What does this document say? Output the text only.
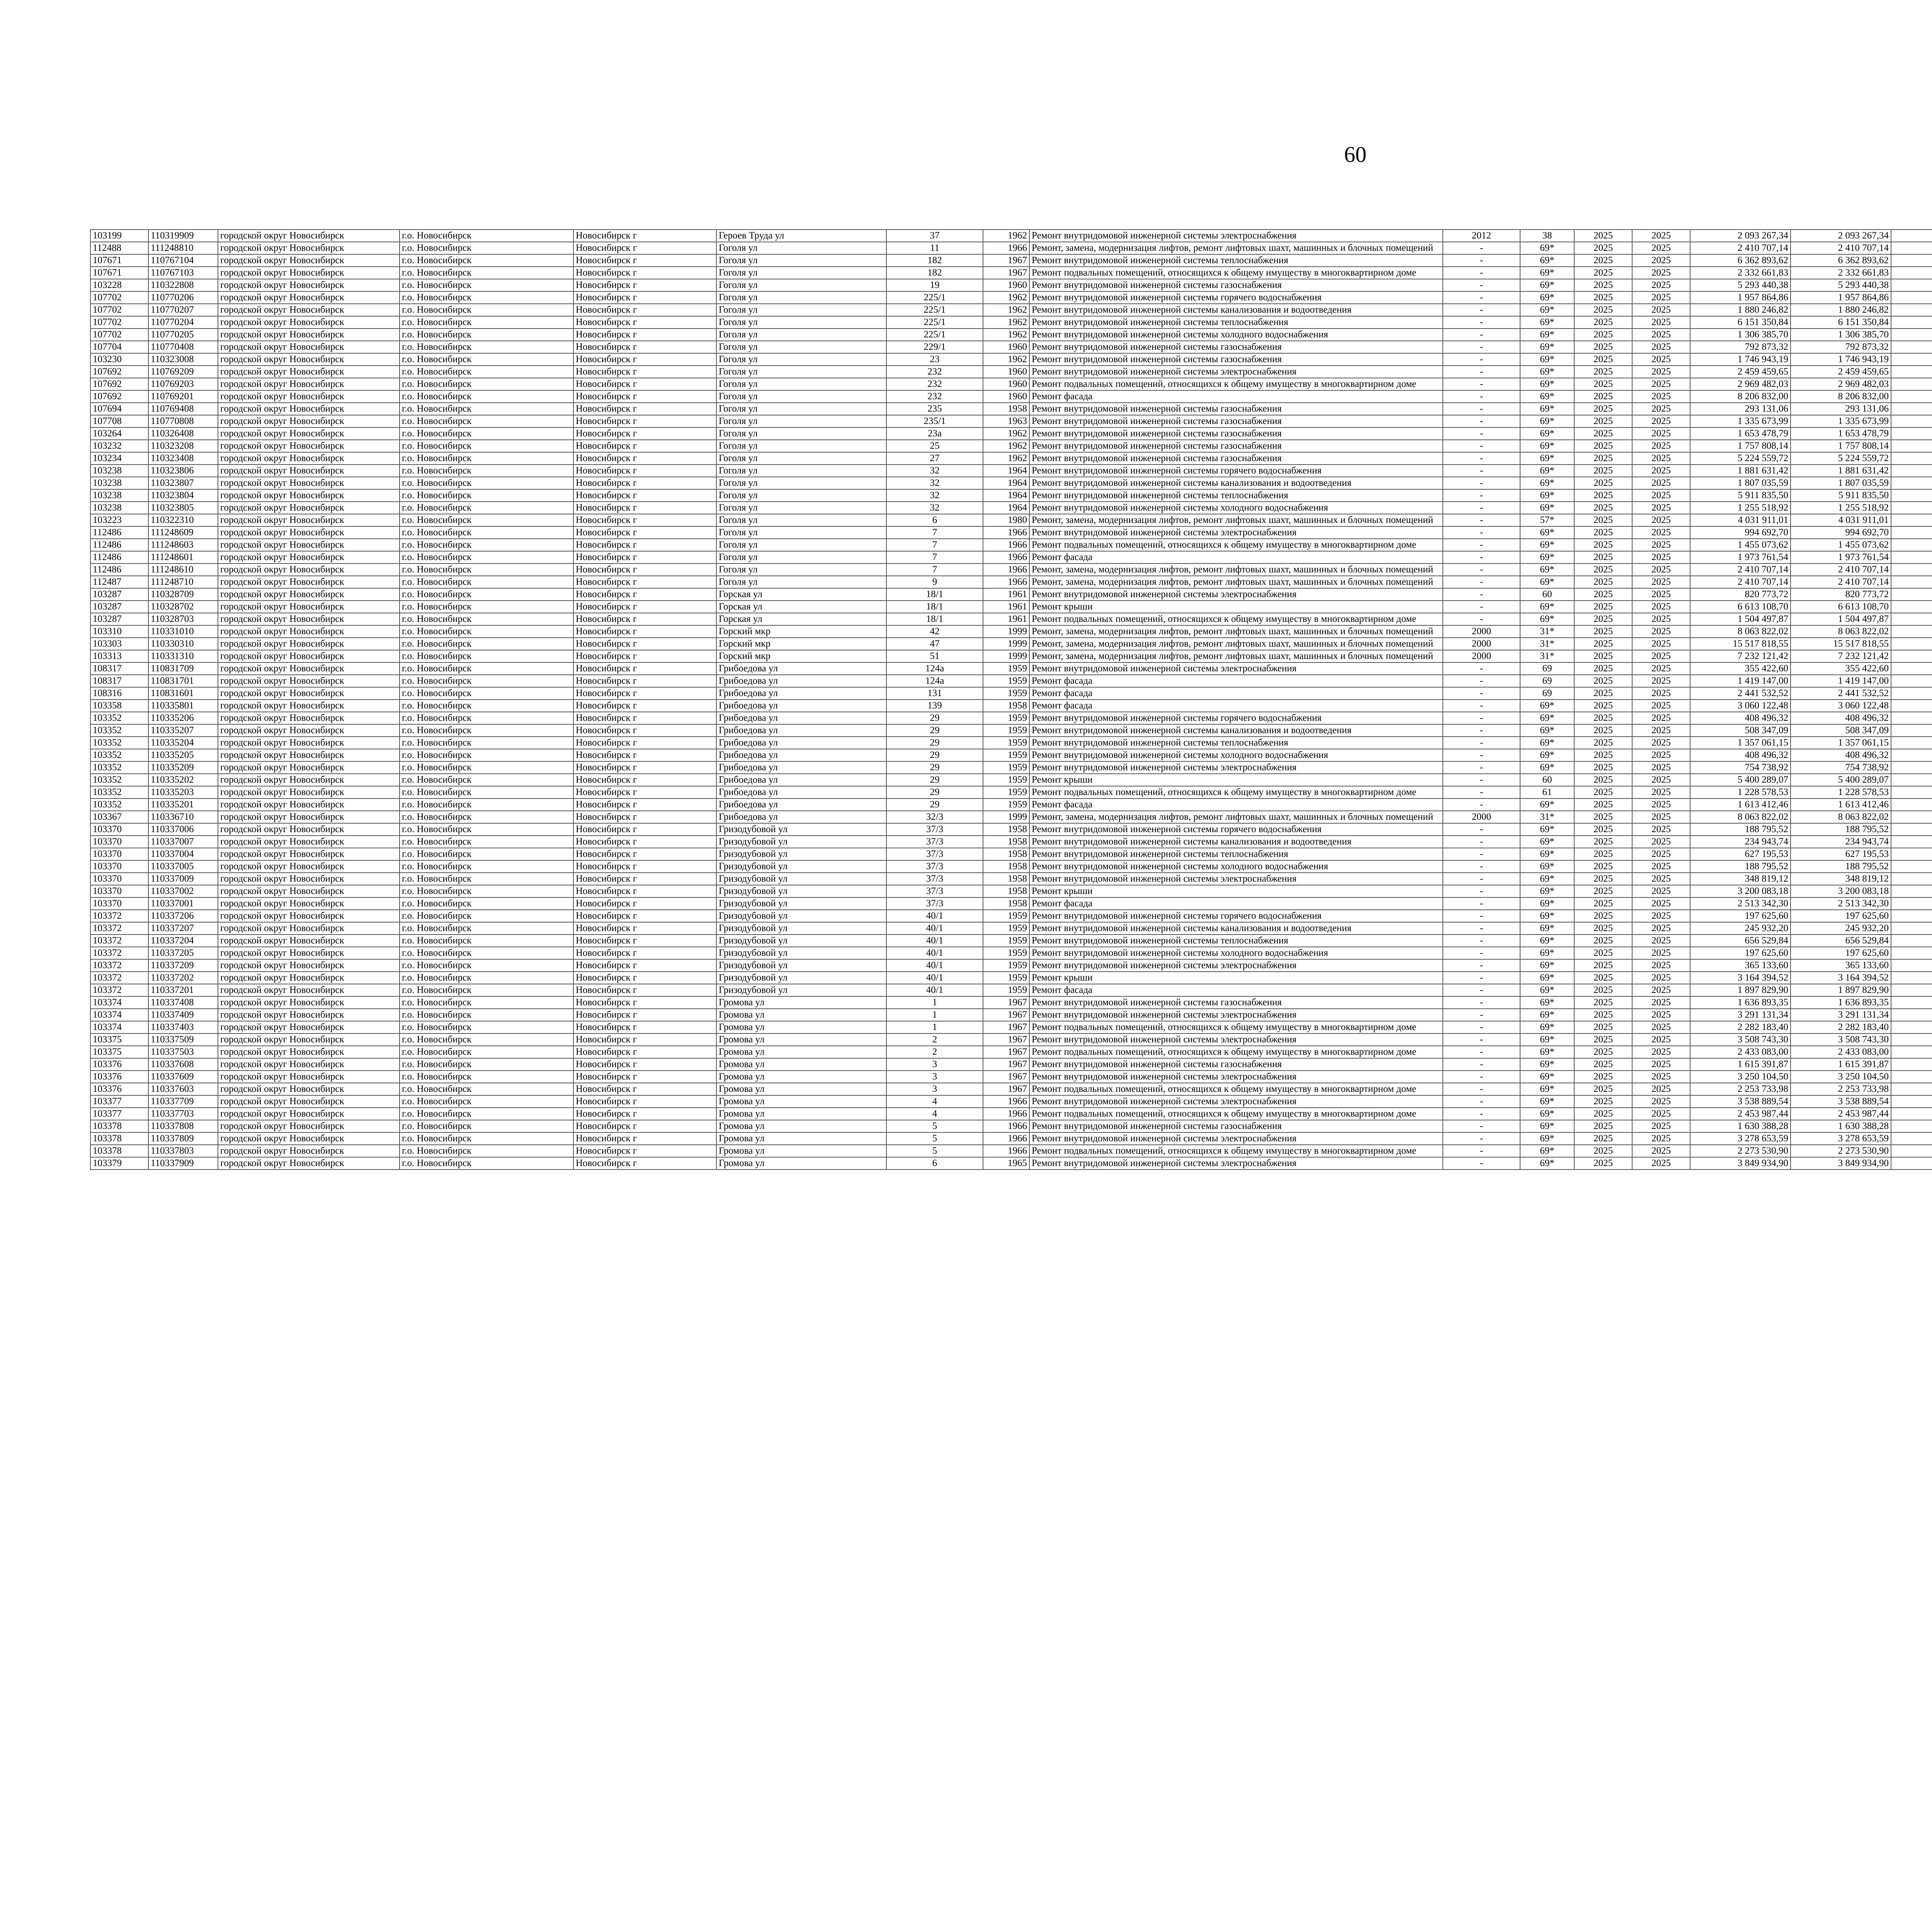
60
103199	110319909	городской округ Новосибирск	г.о. Новосибирск	Новосибирск г	Героев Труда ул	37	1962	Ремонт внутридомовой инженерной системы электроснабжения	2012	38	2025	2025	2 093 267,34	2 093 267,34							
112488	111248810	городской округ Новосибирск	г.о. Новосибирск	Новосибирск г	Гоголя ул	11	1966	Ремонт, замена, модернизация лифтов, ремонт лифтовых шахт, машинных и блочных помещений	-	69*	2025	2025	2 410 707,14	2 410 707,14							
107671	110767104	городской округ Новосибирск	г.о. Новосибирск	Новосибирск г	Гоголя ул	182	1967	Ремонт внутридомовой инженерной системы теплоснабжения	-	69*	2025	2025	6 362 893,62	6 362 893,62							
107671	110767103	городской округ Новосибирск	г.о. Новосибирск	Новосибирск г	Гоголя ул	182	1967	Ремонт подвальных помещений, относящихся к общему имуществу в многоквартирном доме	-	69*	2025	2025	2 332 661,83	2 332 661,83							
103228	110322808	городской округ Новосибирск	г.о. Новосибирск	Новосибирск г	Гоголя ул	19	1960	Ремонт внутридомовой инженерной системы газоснабжения	-	69*	2025	2025	5 293 440,38	5 293 440,38							
107702	110770206	городской округ Новосибирск	г.о. Новосибирск	Новосибирск г	Гоголя ул	225/1	1962	Ремонт внутридомовой инженерной системы горячего водоснабжения	-	69*	2025	2025	1 957 864,86	1 957 864,86							
107702	110770207	городской округ Новосибирск	г.о. Новосибирск	Новосибирск г	Гоголя ул	225/1	1962	Ремонт внутридомовой инженерной системы канализования и водоотведения	-	69*	2025	2025	1 880 246,82	1 880 246,82							
107702	110770204	городской округ Новосибирск	г.о. Новосибирск	Новосибирск г	Гоголя ул	225/1	1962	Ремонт внутридомовой инженерной системы теплоснабжения	-	69*	2025	2025	6 151 350,84	6 151 350,84							
107702	110770205	городской округ Новосибирск	г.о. Новосибирск	Новосибирск г	Гоголя ул	225/1	1962	Ремонт внутридомовой инженерной системы холодного водоснабжения	-	69*	2025	2025	1 306 385,70	1 306 385,70							
107704	110770408	городской округ Новосибирск	г.о. Новосибирск	Новосибирск г	Гоголя ул	229/1	1960	Ремонт внутридомовой инженерной системы газоснабжения	-	69*	2025	2025	792 873,32	792 873,32							
103230	110323008	городской округ Новосибирск	г.о. Новосибирск	Новосибирск г	Гоголя ул	23	1962	Ремонт внутридомовой инженерной системы газоснабжения	-	69*	2025	2025	1 746 943,19	1 746 943,19							
107692	110769209	городской округ Новосибирск	г.о. Новосибирск	Новосибирск г	Гоголя ул	232	1960	Ремонт внутридомовой инженерной системы электроснабжения	-	69*	2025	2025	2 459 459,65	2 459 459,65							
107692	110769203	городской округ Новосибирск	г.о. Новосибирск	Новосибирск г	Гоголя ул	232	1960	Ремонт подвальных помещений, относящихся к общему имуществу в многоквартирном доме	-	69*	2025	2025	2 969 482,03	2 969 482,03							
107692	110769201	городской округ Новосибирск	г.о. Новосибирск	Новосибирск г	Гоголя ул	232	1960	Ремонт фасада	-	69*	2025	2025	8 206 832,00	8 206 832,00							
107694	110769408	городской округ Новосибирск	г.о. Новосибирск	Новосибирск г	Гоголя ул	235	1958	Ремонт внутридомовой инженерной системы газоснабжения	-	69*	2025	2025	293 131,06	293 131,06							
107708	110770808	городской округ Новосибирск	г.о. Новосибирск	Новосибирск г	Гоголя ул	235/1	1963	Ремонт внутридомовой инженерной системы газоснабжения	-	69*	2025	2025	1 335 673,99	1 335 673,99							
103264	110326408	городской округ Новосибирск	г.о. Новосибирск	Новосибирск г	Гоголя ул	23а	1962	Ремонт внутридомовой инженерной системы газоснабжения	-	69*	2025	2025	1 653 478,79	1 653 478,79							
103232	110323208	городской округ Новосибирск	г.о. Новосибирск	Новосибирск г	Гоголя ул	25	1962	Ремонт внутридомовой инженерной системы газоснабжения	-	69*	2025	2025	1 757 808,14	1 757 808,14							
103234	110323408	городской округ Новосибирск	г.о. Новосибирск	Новосибирск г	Гоголя ул	27	1962	Ремонт внутридомовой инженерной системы газоснабжения	-	69*	2025	2025	5 224 559,72	5 224 559,72							
103238	110323806	городской округ Новосибирск	г.о. Новосибирск	Новосибирск г	Гоголя ул	32	1964	Ремонт внутридомовой инженерной системы горячего водоснабжения	-	69*	2025	2025	1 881 631,42	1 881 631,42							
103238	110323807	городской округ Новосибирск	г.о. Новосибирск	Новосибирск г	Гоголя ул	32	1964	Ремонт внутридомовой инженерной системы канализования и водоотведения	-	69*	2025	2025	1 807 035,59	1 807 035,59							
103238	110323804	городской округ Новосибирск	г.о. Новосибирск	Новосибирск г	Гоголя ул	32	1964	Ремонт внутридомовой инженерной системы теплоснабжения	-	69*	2025	2025	5 911 835,50	5 911 835,50							
103238	110323805	городской округ Новосибирск	г.о. Новосибирск	Новосибирск г	Гоголя ул	32	1964	Ремонт внутридомовой инженерной системы холодного водоснабжения	-	69*	2025	2025	1 255 518,92	1 255 518,92							
103223	110322310	городской округ Новосибирск	г.о. Новосибирск	Новосибирск г	Гоголя ул	6	1980	Ремонт, замена, модернизация лифтов, ремонт лифтовых шахт, машинных и блочных помещений	-	57*	2025	2025	4 031 911,01	4 031 911,01							
112486	111248609	городской округ Новосибирск	г.о. Новосибирск	Новосибирск г	Гоголя ул	7	1966	Ремонт внутридомовой инженерной системы электроснабжения	-	69*	2025	2025	994 692,70	994 692,70							
112486	111248603	городской округ Новосибирск	г.о. Новосибирск	Новосибирск г	Гоголя ул	7	1966	Ремонт подвальных помещений, относящихся к общему имуществу в многоквартирном доме	-	69*	2025	2025	1 455 073,62	1 455 073,62							
112486	111248601	городской округ Новосибирск	г.о. Новосибирск	Новосибирск г	Гоголя ул	7	1966	Ремонт фасада	-	69*	2025	2025	1 973 761,54	1 973 761,54							
112486	111248610	городской округ Новосибирск	г.о. Новосибирск	Новосибирск г	Гоголя ул	7	1966	Ремонт, замена, модернизация лифтов, ремонт лифтовых шахт, машинных и блочных помещений	-	69*	2025	2025	2 410 707,14	2 410 707,14							
112487	111248710	городской округ Новосибирск	г.о. Новосибирск	Новосибирск г	Гоголя ул	9	1966	Ремонт, замена, модернизация лифтов, ремонт лифтовых шахт, машинных и блочных помещений	-	69*	2025	2025	2 410 707,14	2 410 707,14							
103287	110328709	городской округ Новосибирск	г.о. Новосибирск	Новосибирск г	Горская ул	18/1	1961	Ремонт внутридомовой инженерной системы электроснабжения	-	60	2025	2025	820 773,72	820 773,72							
103287	110328702	городской округ Новосибирск	г.о. Новосибирск	Новосибирск г	Горская ул	18/1	1961	Ремонт крыши	-	69*	2025	2025	6 613 108,70	6 613 108,70							
103287	110328703	городской округ Новосибирск	г.о. Новосибирск	Новосибирск г	Горская ул	18/1	1961	Ремонт подвальных помещений, относящихся к общему имуществу в многоквартирном доме	-	69*	2025	2025	1 504 497,87	1 504 497,87							
103310	110331010	городской округ Новосибирск	г.о. Новосибирск	Новосибирск г	Горский мкр	42	1999	Ремонт, замена, модернизация лифтов, ремонт лифтовых шахт, машинных и блочных помещений	2000	31*	2025	2025	8 063 822,02	8 063 822,02							
103303	110330310	городской округ Новосибирск	г.о. Новосибирск	Новосибирск г	Горский мкр	47	1999	Ремонт, замена, модернизация лифтов, ремонт лифтовых шахт, машинных и блочных помещений	2000	31*	2025	2025	15 517 818,55	15 517 818,55							
103313	110331310	городской округ Новосибирск	г.о. Новосибирск	Новосибирск г	Горский мкр	51	1999	Ремонт, замена, модернизация лифтов, ремонт лифтовых шахт, машинных и блочных помещений	2000	31*	2025	2025	7 232 121,42	7 232 121,42							
108317	110831709	городской округ Новосибирск	г.о. Новосибирск	Новосибирск г	Грибоедова ул	124а	1959	Ремонт внутридомовой инженерной системы электроснабжения	-	69	2025	2025	355 422,60	355 422,60							
108317	110831701	городской округ Новосибирск	г.о. Новосибирск	Новосибирск г	Грибоедова ул	124а	1959	Ремонт фасада	-	69	2025	2025	1 419 147,00	1 419 147,00							
108316	110831601	городской округ Новосибирск	г.о. Новосибирск	Новосибирск г	Грибоедова ул	131	1959	Ремонт фасада	-	69	2025	2025	2 441 532,52	2 441 532,52							
103358	110335801	городской округ Новосибирск	г.о. Новосибирск	Новосибирск г	Грибоедова ул	139	1958	Ремонт фасада	-	69*	2025	2025	3 060 122,48	3 060 122,48							
103352	110335206	городской округ Новосибирск	г.о. Новосибирск	Новосибирск г	Грибоедова ул	29	1959	Ремонт внутридомовой инженерной системы горячего водоснабжения	-	69*	2025	2025	408 496,32	408 496,32							
103352	110335207	городской округ Новосибирск	г.о. Новосибирск	Новосибирск г	Грибоедова ул	29	1959	Ремонт внутридомовой инженерной системы канализования и водоотведения	-	69*	2025	2025	508 347,09	508 347,09							
103352	110335204	городской округ Новосибирск	г.о. Новосибирск	Новосибирск г	Грибоедова ул	29	1959	Ремонт внутридомовой инженерной системы теплоснабжения	-	69*	2025	2025	1 357 061,15	1 357 061,15							
103352	110335205	городской округ Новосибирск	г.о. Новосибирск	Новосибирск г	Грибоедова ул	29	1959	Ремонт внутридомовой инженерной системы холодного водоснабжения	-	69*	2025	2025	408 496,32	408 496,32							
103352	110335209	городской округ Новосибирск	г.о. Новосибирск	Новосибирск г	Грибоедова ул	29	1959	Ремонт внутридомовой инженерной системы электроснабжения	-	69*	2025	2025	754 738,92	754 738,92							
103352	110335202	городской округ Новосибирск	г.о. Новосибирск	Новосибирск г	Грибоедова ул	29	1959	Ремонт крыши	-	60	2025	2025	5 400 289,07	5 400 289,07							
103352	110335203	городской округ Новосибирск	г.о. Новосибирск	Новосибирск г	Грибоедова ул	29	1959	Ремонт подвальных помещений, относящихся к общему имуществу в многоквартирном доме	-	61	2025	2025	1 228 578,53	1 228 578,53							
103352	110335201	городской округ Новосибирск	г.о. Новосибирск	Новосибирск г	Грибоедова ул	29	1959	Ремонт фасада	-	69*	2025	2025	1 613 412,46	1 613 412,46							
103367	110336710	городской округ Новосибирск	г.о. Новосибирск	Новосибирск г	Грибоедова ул	32/3	1999	Ремонт, замена, модернизация лифтов, ремонт лифтовых шахт, машинных и блочных помещений	2000	31*	2025	2025	8 063 822,02	8 063 822,02							
103370	110337006	городской округ Новосибирск	г.о. Новосибирск	Новосибирск г	Гризодубовой ул	37/3	1958	Ремонт внутридомовой инженерной системы горячего водоснабжения	-	69*	2025	2025	188 795,52	188 795,52							
103370	110337007	городской округ Новосибирск	г.о. Новосибирск	Новосибирск г	Гризодубовой ул	37/3	1958	Ремонт внутридомовой инженерной системы канализования и водоотведения	-	69*	2025	2025	234 943,74	234 943,74							
103370	110337004	городской округ Новосибирск	г.о. Новосибирск	Новосибирск г	Гризодубовой ул	37/3	1958	Ремонт внутридомовой инженерной системы теплоснабжения	-	69*	2025	2025	627 195,53	627 195,53							
103370	110337005	городской округ Новосибирск	г.о. Новосибирск	Новосибирск г	Гризодубовой ул	37/3	1958	Ремонт внутридомовой инженерной системы холодного водоснабжения	-	69*	2025	2025	188 795,52	188 795,52							
103370	110337009	городской округ Новосибирск	г.о. Новосибирск	Новосибирск г	Гризодубовой ул	37/3	1958	Ремонт внутридомовой инженерной системы электроснабжения	-	69*	2025	2025	348 819,12	348 819,12							
103370	110337002	городской округ Новосибирск	г.о. Новосибирск	Новосибирск г	Гризодубовой ул	37/3	1958	Ремонт крыши	-	69*	2025	2025	3 200 083,18	3 200 083,18							
103370	110337001	городской округ Новосибирск	г.о. Новосибирск	Новосибирск г	Гризодубовой ул	37/3	1958	Ремонт фасада	-	69*	2025	2025	2 513 342,30	2 513 342,30							
103372	110337206	городской округ Новосибирск	г.о. Новосибирск	Новосибирск г	Гризодубовой ул	40/1	1959	Ремонт внутридомовой инженерной системы горячего водоснабжения	-	69*	2025	2025	197 625,60	197 625,60							
103372	110337207	городской округ Новосибирск	г.о. Новосибирск	Новосибирск г	Гризодубовой ул	40/1	1959	Ремонт внутридомовой инженерной системы канализования и водоотведения	-	69*	2025	2025	245 932,20	245 932,20							
103372	110337204	городской округ Новосибирск	г.о. Новосибирск	Новосибирск г	Гризодубовой ул	40/1	1959	Ремонт внутридомовой инженерной системы теплоснабжения	-	69*	2025	2025	656 529,84	656 529,84							
103372	110337205	городской округ Новосибирск	г.о. Новосибирск	Новосибирск г	Гризодубовой ул	40/1	1959	Ремонт внутридомовой инженерной системы холодного водоснабжения	-	69*	2025	2025	197 625,60	197 625,60							
103372	110337209	городской округ Новосибирск	г.о. Новосибирск	Новосибирск г	Гризодубовой ул	40/1	1959	Ремонт внутридомовой инженерной системы электроснабжения	-	69*	2025	2025	365 133,60	365 133,60							
103372	110337202	городской округ Новосибирск	г.о. Новосибирск	Новосибирск г	Гризодубовой ул	40/1	1959	Ремонт крыши	-	69*	2025	2025	3 164 394,52	3 164 394,52							
103372	110337201	городской округ Новосибирск	г.о. Новосибирск	Новосибирск г	Гризодубовой ул	40/1	1959	Ремонт фасада	-	69*	2025	2025	1 897 829,90	1 897 829,90							
103374	110337408	городской округ Новосибирск	г.о. Новосибирск	Новосибирск г	Громова ул	1	1967	Ремонт внутридомовой инженерной системы газоснабжения	-	69*	2025	2025	1 636 893,35	1 636 893,35							
103374	110337409	городской округ Новосибирск	г.о. Новосибирск	Новосибирск г	Громова ул	1	1967	Ремонт внутридомовой инженерной системы электроснабжения	-	69*	2025	2025	3 291 131,34	3 291 131,34							
103374	110337403	городской округ Новосибирск	г.о. Новосибирск	Новосибирск г	Громова ул	1	1967	Ремонт подвальных помещений, относящихся к общему имуществу в многоквартирном доме	-	69*	2025	2025	2 282 183,40	2 282 183,40							
103375	110337509	городской округ Новосибирск	г.о. Новосибирск	Новосибирск г	Громова ул	2	1967	Ремонт внутридомовой инженерной системы электроснабжения	-	69*	2025	2025	3 508 743,30	3 508 743,30							
103375	110337503	городской округ Новосибирск	г.о. Новосибирск	Новосибирск г	Громова ул	2	1967	Ремонт подвальных помещений, относящихся к общему имуществу в многоквартирном доме	-	69*	2025	2025	2 433 083,00	2 433 083,00							
103376	110337608	городской округ Новосибирск	г.о. Новосибирск	Новосибирск г	Громова ул	3	1967	Ремонт внутридомовой инженерной системы газоснабжения	-	69*	2025	2025	1 615 391,87	1 615 391,87							
103376	110337609	городской округ Новосибирск	г.о. Новосибирск	Новосибирск г	Громова ул	3	1967	Ремонт внутридомовой инженерной системы электроснабжения	-	69*	2025	2025	3 250 104,50	3 250 104,50							
103376	110337603	городской округ Новосибирск	г.о. Новосибирск	Новосибирск г	Громова ул	3	1967	Ремонт подвальных помещений, относящихся к общему имуществу в многоквартирном доме	-	69*	2025	2025	2 253 733,98	2 253 733,98							
103377	110337709	городской округ Новосибирск	г.о. Новосибирск	Новосибирск г	Громова ул	4	1966	Ремонт внутридомовой инженерной системы электроснабжения	-	69*	2025	2025	3 538 889,54	3 538 889,54							
103377	110337703	городской округ Новосибирск	г.о. Новосибирск	Новосибирск г	Громова ул	4	1966	Ремонт подвальных помещений, относящихся к общему имуществу в многоквартирном доме	-	69*	2025	2025	2 453 987,44	2 453 987,44							
103378	110337808	городской округ Новосибирск	г.о. Новосибирск	Новосибирск г	Громова ул	5	1966	Ремонт внутридомовой инженерной системы газоснабжения	-	69*	2025	2025	1 630 388,28	1 630 388,28							
103378	110337809	городской округ Новосибирск	г.о. Новосибирск	Новосибирск г	Громова ул	5	1966	Ремонт внутридомовой инженерной системы электроснабжения	-	69*	2025	2025	3 278 653,59	3 278 653,59							
103378	110337803	городской округ Новосибирск	г.о. Новосибирск	Новосибирск г	Громова ул	5	1966	Ремонт подвальных помещений, относящихся к общему имуществу в многоквартирном доме	-	69*	2025	2025	2 273 530,90	2 273 530,90							
103379	110337909	городской округ Новосибирск	г.о. Новосибирск	Новосибирск г	Громова ул	6	1965	Ремонт внутридомовой инженерной системы электроснабжения	-	69*	2025	2025	3 849 934,90	3 849 934,90							
